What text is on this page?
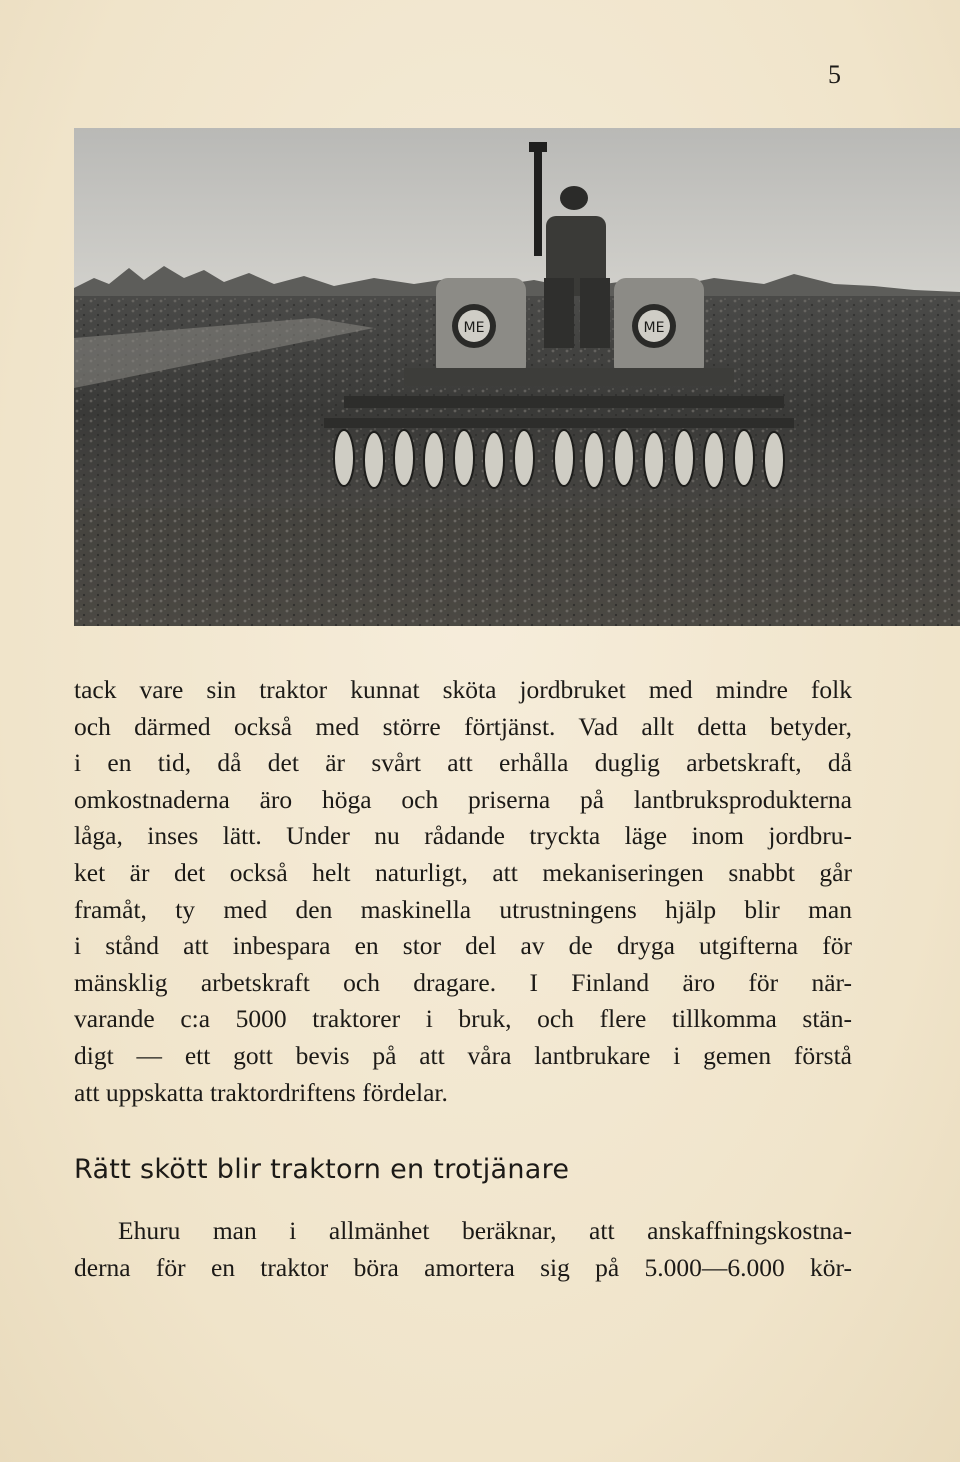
5
ME	ME
tack vare sin traktor kunnat sköta jordbruket med mindre folk
och därmed också med större förtjänst. Vad allt detta betyder,
i en tid, då det är svårt att erhålla duglig arbetskraft, då
omkostnaderna äro höga och priserna på lantbruksprodukterna
låga, inses lätt. Under nu rådande tryckta läge inom jordbru-
ket är det också helt naturligt, att mekaniseringen snabbt går
framåt, ty med den maskinella utrustningens hjälp blir man
i stånd att inbespara en stor del av de dryga utgifterna för
mänsklig arbetskraft och dragare. I Finland äro för när-
varande c:a 5000 traktorer i bruk, och flere tillkomma stän-
digt — ett gott bevis på att våra lantbrukare i gemen förstå
att uppskatta traktordriftens fördelar.
Rätt skött blir traktorn en trotjänare
Ehuru man i allmänhet beräknar, att anskaffningskostna-
derna för en traktor böra amortera sig på 5.000—6.000 kör-
